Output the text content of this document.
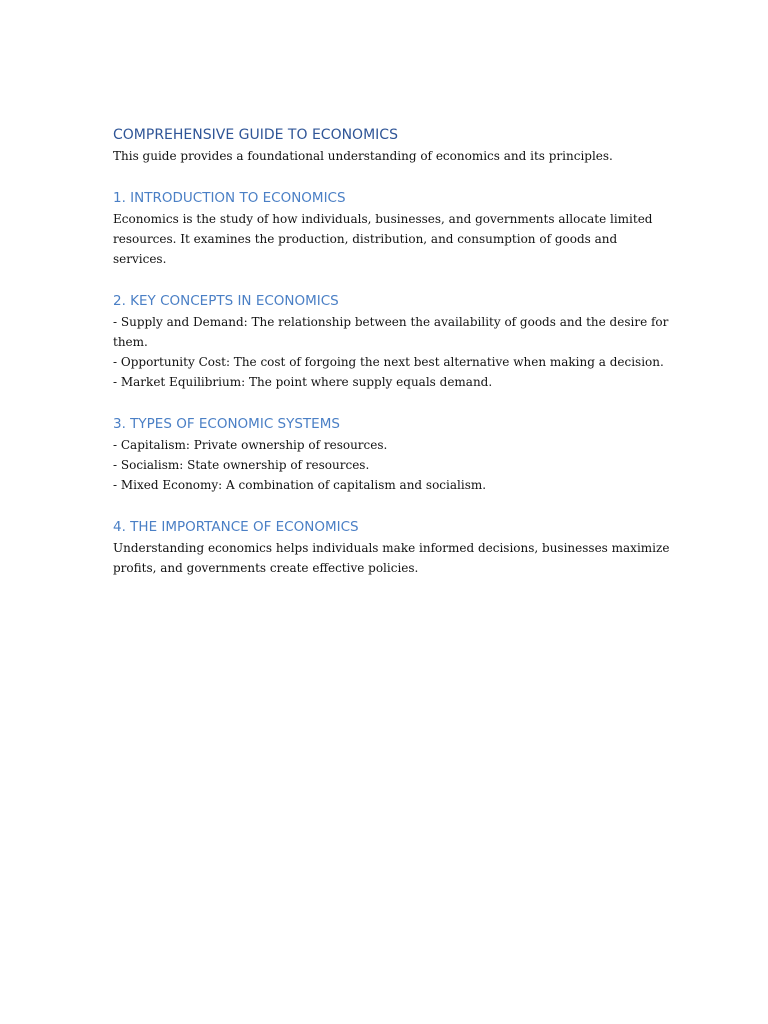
COMPREHENSIVE GUIDE TO ECONOMICS

This guide provides a foundational understanding of economics and its principles.

1. INTRODUCTION TO ECONOMICS

Economics is the study of how individuals, businesses, and governments allocate limited resources. It examines the production, distribution, and consumption of goods and services.

2. KEY CONCEPTS IN ECONOMICS

- Supply and Demand: The relationship between the availability of goods and the desire for them.
- Opportunity Cost: The cost of forgoing the next best alternative when making a decision.
- Market Equilibrium: The point where supply equals demand.

3. TYPES OF ECONOMIC SYSTEMS

- Capitalism: Private ownership of resources.
- Socialism: State ownership of resources.
- Mixed Economy: A combination of capitalism and socialism.

4. THE IMPORTANCE OF ECONOMICS

Understanding economics helps individuals make informed decisions, businesses maximize profits, and governments create effective policies.
